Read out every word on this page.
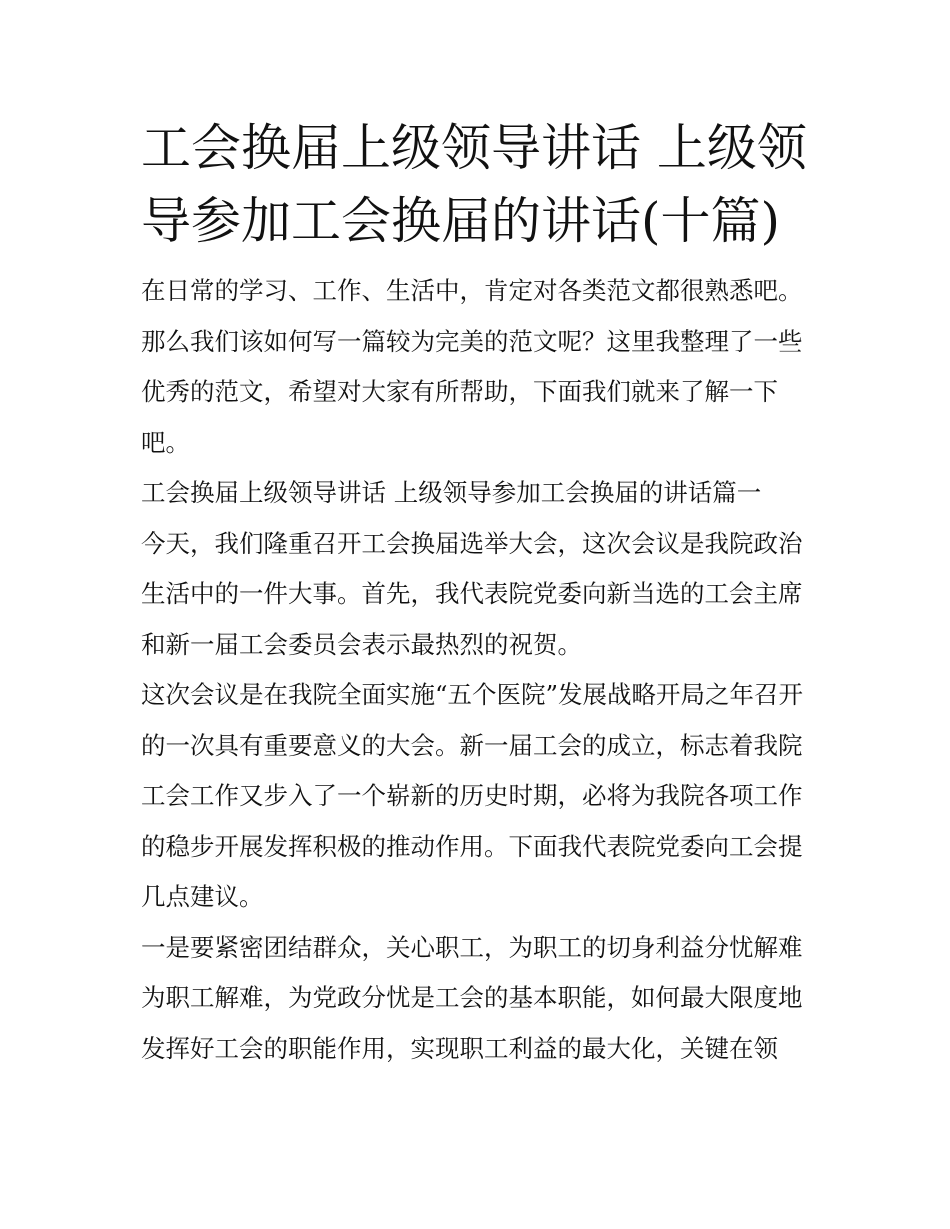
工会换届上级领导讲话 上级领导参加工会换届的讲话(十篇)

在日常的学习、工作、生活中，肯定对各类范文都很熟悉吧。那么我们该如何写一篇较为完美的范文呢？这里我整理了一些优秀的范文，希望对大家有所帮助，下面我们就来了解一下吧。

工会换届上级领导讲话 上级领导参加工会换届的讲话篇一

今天，我们隆重召开工会换届选举大会，这次会议是我院政治生活中的一件大事。首先，我代表院党委向新当选的工会主席和新一届工会委员会表示最热烈的祝贺。

这次会议是在我院全面实施“五个医院”发展战略开局之年召开的一次具有重要意义的大会。新一届工会的成立，标志着我院工会工作又步入了一个崭新的历史时期，必将为我院各项工作的稳步开展发挥积极的推动作用。下面我代表院党委向工会提几点建议。

一是要紧密团结群众，关心职工，为职工的切身利益分忧解难为职工解难，为党政分忧是工会的基本职能，如何最大限度地发挥好工会的职能作用，实现职工利益的最大化，关键在领
